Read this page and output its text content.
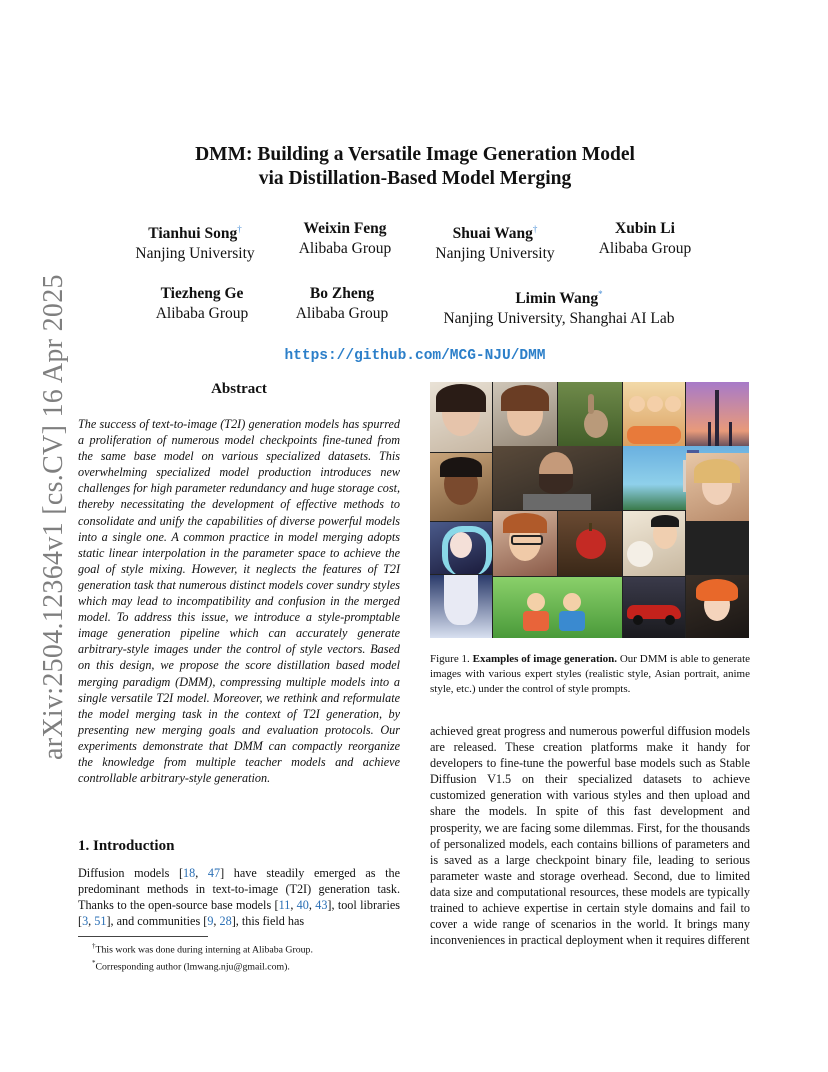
arXiv:2504.12364v1 [cs.CV] 16 Apr 2025
DMM: Building a Versatile Image Generation Model
via Distillation-Based Model Merging
Tianhui Song†
Nanjing University
Weixin Feng
Alibaba Group
Shuai Wang†
Nanjing University
Xubin Li
Alibaba Group
Tiezheng Ge
Alibaba Group
Bo Zheng
Alibaba Group
Limin Wang*
Nanjing University, Shanghai AI Lab
https://github.com/MCG-NJU/DMM
Abstract
The success of text-to-image (T2I) generation models has spurred a proliferation of numerous model checkpoints fine-tuned from the same base model on various specialized datasets. This overwhelming specialized model production introduces new challenges for high parameter redundancy and huge storage cost, thereby necessitating the development of effective methods to consolidate and unify the capabilities of diverse powerful models into a single one. A common practice in model merging adopts static linear interpolation in the parameter space to achieve the goal of style mixing. However, it neglects the features of T2I generation task that numerous distinct models cover sundry styles which may lead to incompatibility and confusion in the merged model. To address this issue, we introduce a style-promptable image generation pipeline which can accurately generate arbitrary-style images under the control of style vectors. Based on this design, we propose the score distillation based model merging paradigm (DMM), compressing multiple models into a single versatile T2I model. Moreover, we rethink and reformulate the model merging task in the context of T2I generation, by presenting new merging goals and evaluation protocols. Our experiments demonstrate that DMM can compactly reorganize the knowledge from multiple teacher models and achieve controllable arbitrary-style generation.
1. Introduction
Diffusion models [18, 47] have steadily emerged as the predominant methods in text-to-image (T2I) generation task. Thanks to the open-source base models [11, 40, 43], tool libraries [3, 51], and communities [9, 28], this field has
†This work was done during interning at Alibaba Group.
*Corresponding author (lmwang.nju@gmail.com).
Figure 1. Examples of image generation. Our DMM is able to generate images with various expert styles (realistic style, Asian portrait, anime style, etc.) under the control of style prompts.
achieved great progress and numerous powerful diffusion models are released. These creation platforms make it handy for developers to fine-tune the powerful base models such as Stable Diffusion V1.5 on their specialized datasets to achieve customized generation with various styles and then upload and share the models. In spite of this fast development and prosperity, we are facing some dilemmas. First, for the thousands of personalized models, each contains billions of parameters and is saved as a large checkpoint binary file, leading to serious parameter waste and storage overhead. Second, due to limited data size and computational resources, these models are typically trained to achieve expertise in certain style domains and fail to cover a wide range of scenarios in the world. It brings many inconveniences in practical deployment when it requires different
